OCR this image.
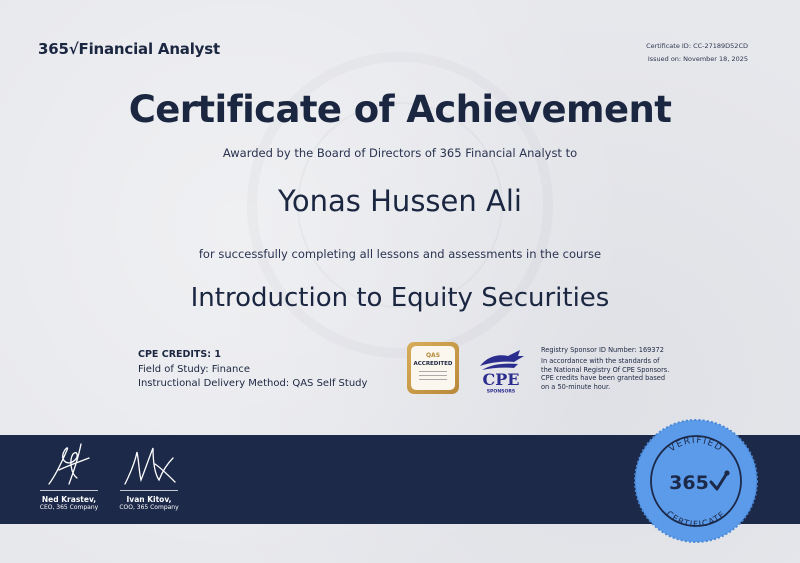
365√Financial Analyst	Certificate ID: CC-27189D52CD
Issued on: November 18, 2025
Certificate of Achievement
Awarded by the Board of Directors of 365 Financial Analyst to
Yonas Hussen Ali
for successfully completing all lessons and assessments in the course
Introduction to Equity Securities
CPE CREDITS: 1
Field of Study: Finance
Instructional Delivery Method: QAS Self Study
QAS
ACCREDITED
CPE
SPONSORS
Registry Sponsor ID Number: 169372
In accordance with the standards of the National Registry Of CPE Sponsors. CPE credits have been granted based on a 50-minute hour.
Ned Krastev,
CEO, 365 Company
Ivan Kitov,
COO, 365 Company
VERIFIED
CERTIFICATE
365
